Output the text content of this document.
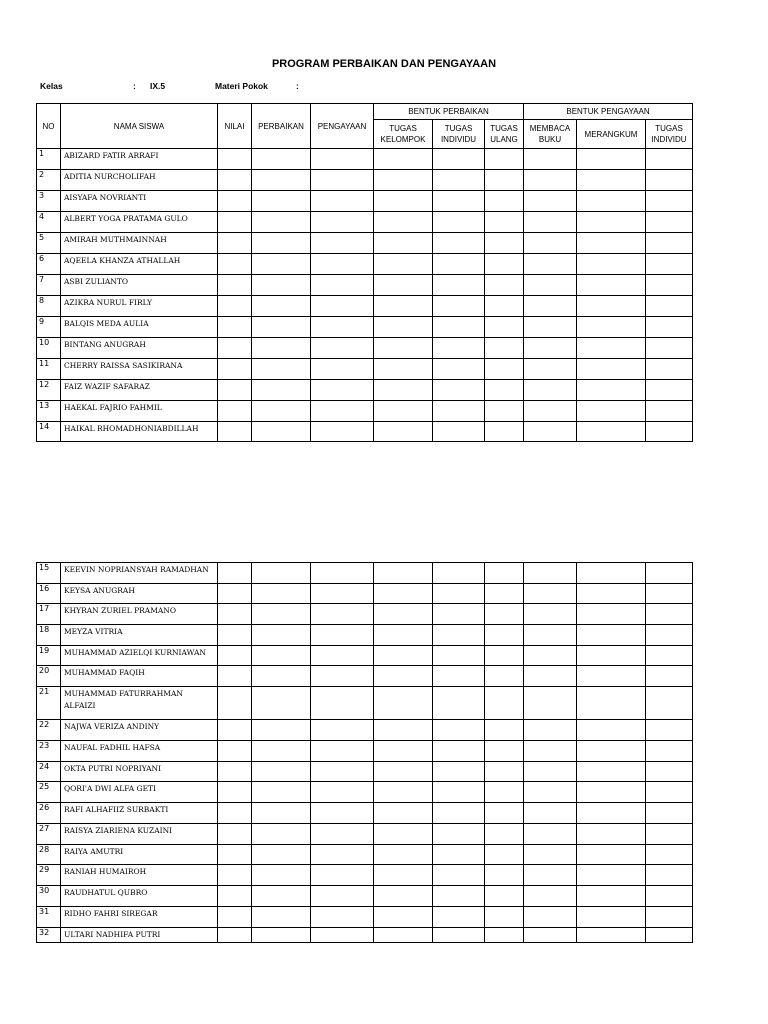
PROGRAM PERBAIKAN DAN PENGAYAAN
Kelas	: IX.5	Materi Pokok	:
NO	NAMA SISWA	NILAI	PERBAIKAN	PENGAYAAN	BENTUK PERBAIKAN			BENTUK PENGAYAAN		
					TUGAS KELOMPOK	TUGAS INDIVIDU	TUGAS ULANG	MEMBACA BUKU	MERANGKUM	TUGAS INDIVIDU
1	ABIZARD FATIR ARRAFI									
2	ADITIA NURCHOLIFAH									
3	AISYAFA NOVRIANTI									
4	ALBERT YOGA PRATAMA GULO									
5	AMIRAH MUTHMAINNAH									
6	AQEELA KHANZA ATHALLAH									
7	ASBI ZULIANTO									
8	AZIKRA NURUL FIRLY									
9	BALQIS MEDA AULIA									
10	BINTANG ANUGRAH									
11	CHERRY RAISSA SASIKIRANA									
12	FAIZ WAZIF SAFARAZ									
13	HAEKAL FAJRIO FAHMIL									
14	HAIKAL RHOMADHONIABDILLAH									
15	KEEVIN NOPRIANSYAH RAMADHAN									
16	KEYSA ANUGRAH									
17	KHYRAN ZURIEL PRAMANO									
18	MEYZA VITRIA									
19	MUHAMMAD AZIELQI KURNIAWAN									
20	MUHAMMAD FAQIH									
21	MUHAMMAD FATURRAHMAN ALFAIZI									
22	NAJWA VERIZA ANDINY									
23	NAUFAL FADHIL HAFSA									
24	OKTA PUTRI NOPRIYANI									
25	QORI'A DWI ALFA GETI									
26	RAFI ALHAFIIZ SURBAKTI									
27	RAISYA ZIARIENA KUZAINI									
28	RAIYA AMUTRI									
29	RANIAH HUMAIROH									
30	RAUDHATUL QUBRO									
31	RIDHO FAHRI SIREGAR									
32	ULTARI NADHIFA PUTRI									
